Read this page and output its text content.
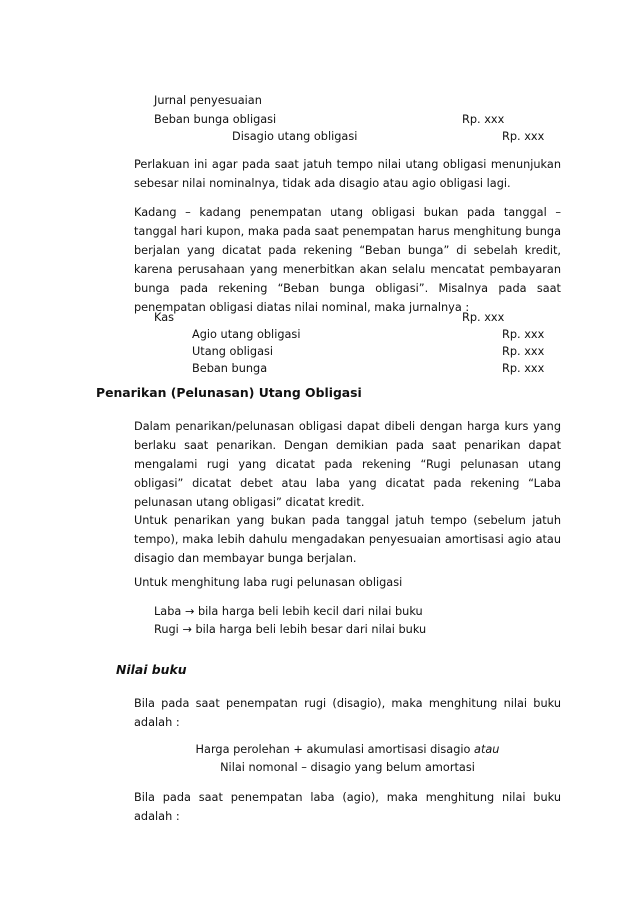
Jurnal penyesuaian
Beban bunga obligasi	Rp. xxx
Disagio utang obligasi	Rp. xxx
Perlakuan ini agar pada saat jatuh tempo nilai utang obligasi menunjukan sebesar nilai nominalnya, tidak ada disagio atau agio obligasi lagi.
Kadang – kadang penempatan utang obligasi bukan pada tanggal – tanggal hari kupon, maka pada saat penempatan harus menghitung bunga berjalan yang dicatat pada rekening “Beban bunga” di sebelah kredit, karena perusahaan yang menerbitkan akan selalu mencatat pembayaran bunga pada rekening “Beban bunga obligasi”. Misalnya pada saat penempatan obligasi diatas nilai nominal, maka jurnalnya :
Kas	Rp. xxx
Agio utang obligasi	Rp. xxx
Utang obligasi	Rp. xxx
Beban bunga	Rp. xxx
Penarikan (Pelunasan) Utang Obligasi
Dalam penarikan/pelunasan obligasi dapat dibeli dengan harga kurs yang berlaku saat penarikan. Dengan demikian pada saat penarikan dapat mengalami rugi yang dicatat pada rekening “Rugi pelunasan utang obligasi” dicatat debet atau laba yang dicatat pada rekening “Laba pelunasan utang obligasi” dicatat kredit.
Untuk penarikan yang bukan pada tanggal jatuh tempo (sebelum jatuh tempo), maka lebih dahulu mengadakan penyesuaian amortisasi agio atau disagio dan membayar bunga berjalan.
Untuk menghitung laba rugi pelunasan obligasi
Laba → bila harga beli lebih kecil dari nilai buku
Rugi → bila harga beli lebih besar dari nilai buku
Nilai buku
Bila pada saat penempatan rugi (disagio), maka menghitung nilai buku adalah :
Harga perolehan + akumulasi amortisasi disagio atau
Nilai nomonal – disagio yang belum amortasi
Bila pada saat penempatan laba (agio), maka menghitung nilai buku adalah :
